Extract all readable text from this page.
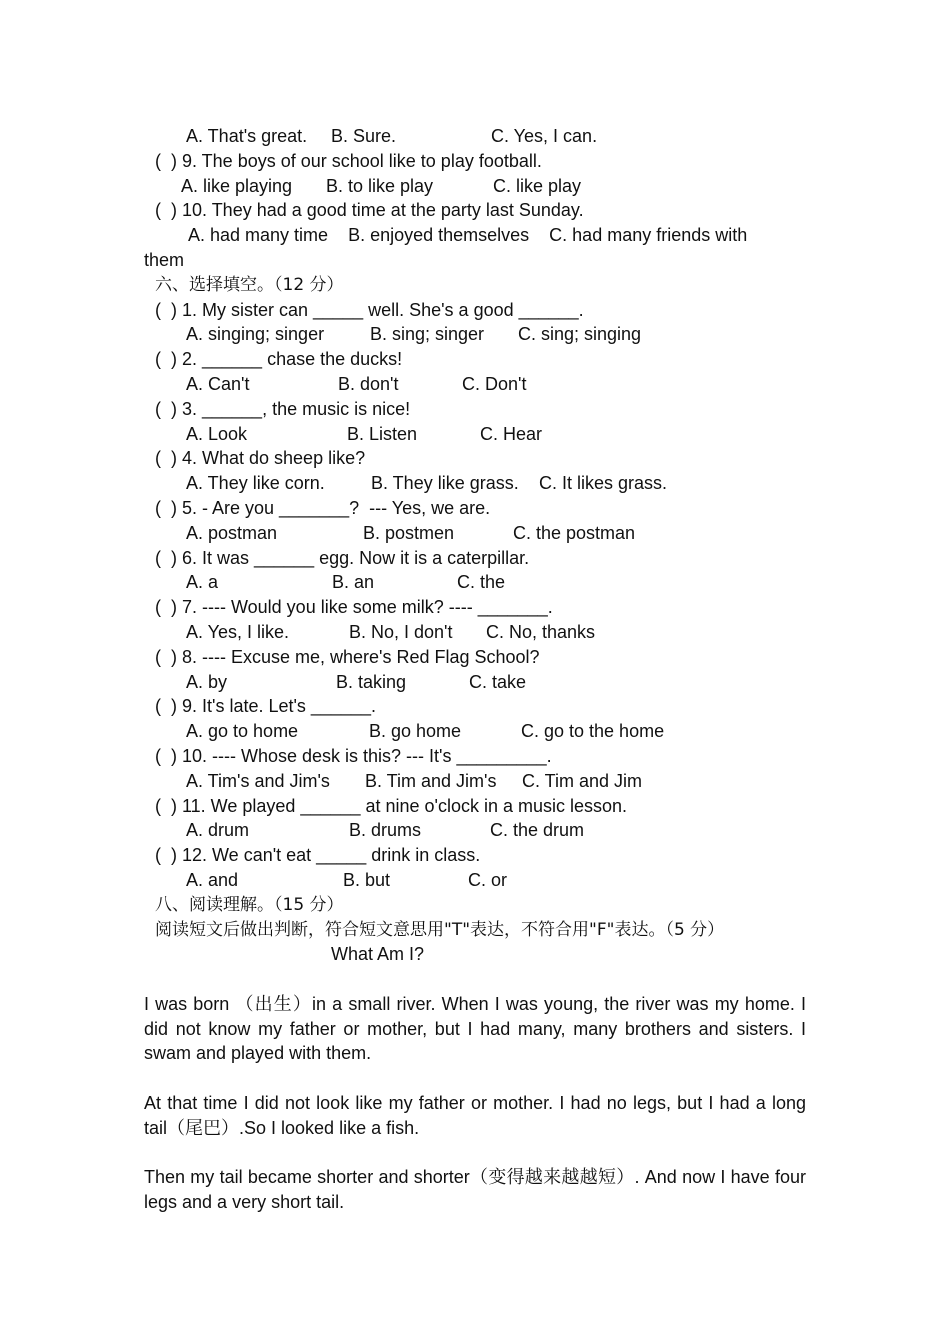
A. That's great.	B. Sure.	C. Yes, I can.
(  ) 9. The boys of our school like to play football.
A. like playing	B. to like play	C. like play
(  ) 10. They had a good time at the party last Sunday.
A. had many time    B. enjoyed themselves    C. had many friends with
them
六、选择填空。（12 分）
(  ) 1. My sister can _____ well. She's a good ______.
A. singing; singer	B. sing; singer	C. sing; singing
(  ) 2. ______ chase the ducks!
A. Can't	B. don't	C. Don't
(  ) 3. ______, the music is nice!
A. Look	B. Listen	C. Hear
(  ) 4. What do sheep like?
A. They like corn.	B. They like grass.	C. It likes grass.
(  ) 5. - Are you _______?  --- Yes, we are.
A. postman	B. postmen	C. the postman
(  ) 6. It was ______ egg. Now it is a caterpillar.
A. a	B. an	C. the
(  ) 7. ---- Would you like some milk? ---- _______.
A. Yes, I like.	B. No, I don't	C. No, thanks
(  ) 8. ---- Excuse me, where's Red Flag School?
A. by	B. taking	C. take
(  ) 9. It's late. Let's ______.
A. go to home	B. go home	C. go to the home
(  ) 10. ---- Whose desk is this? --- It's _________.
A. Tim's and Jim's	B. Tim and Jim's	C. Tim and Jim
(  ) 11. We played ______ at nine o'clock in a music lesson.
A. drum	B. drums	C. the drum
(  ) 12. We can't eat _____ drink in class.
A. and	B. but	C. or
八、阅读理解。（15 分）
阅读短文后做出判断，符合短文意思用"T"表达，不符合用"F"表达。（5 分）
What Am I?

I was born （出生）in a small river. When I was young, the river was my home. I did not know my father or mother, but I had many, many brothers and sisters. I swam and played with them.

At that time I did not look like my father or mother. I had no legs, but I had a long tail（尾巴）.So I looked like a fish.

Then my tail became shorter and shorter（变得越来越越短）. And now I have four legs and a very short tail.
